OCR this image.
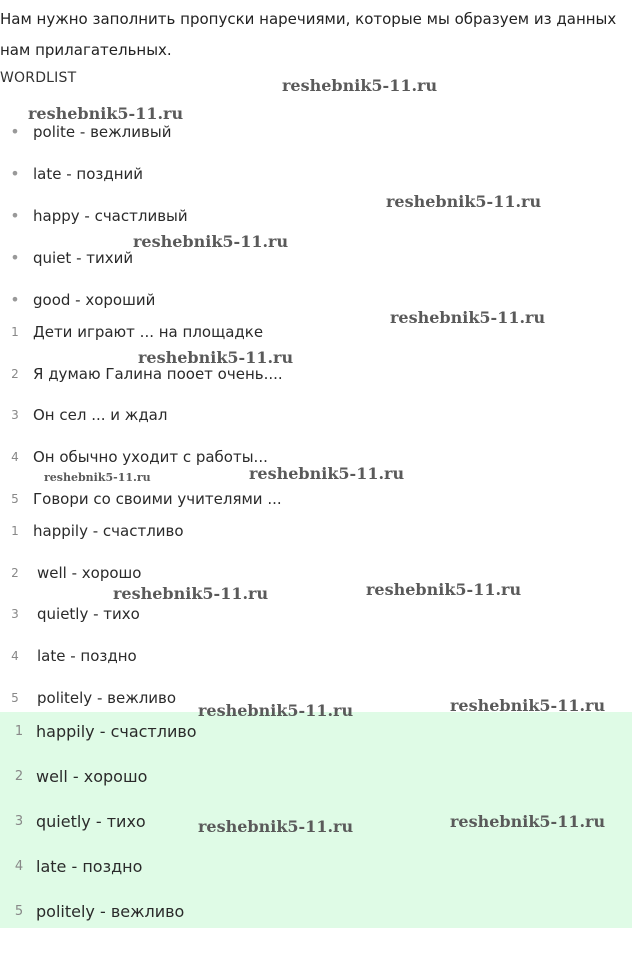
Нам нужно заполнить пропуски наречиями, которые мы образуем из данных нам прилагательных.
WORDLIST
• polite - вежливый
• late - поздний
• happy - счастливый
• quiet - тихий
• good - хороший
1 Дети играют ... на площадке
2 Я думаю Галина пооет очень....
3 Он сел ... и ждал
4 Он обычно уходит с работы...
5 Говори со своими учителями ...
1 happily - счастливо
2	well - хорошо
3	quietly - тихо
4	late - поздно
5	politely - вежливо
1 happily - счастливо
2 well - хорошо
3 quietly - тихо
4 late - поздно
5 politely - вежливо
reshebnik5-11.ru
reshebnik5-11.ru
reshebnik5-11.ru
reshebnik5-11.ru
reshebnik5-11.ru
reshebnik5-11.ru
reshebnik5-11.ru	reshebnik5-11.ru
reshebnik5-11.ru	reshebnik5-11.ru
reshebnik5-11.ru	reshebnik5-11.ru
reshebnik5-11.ru	reshebnik5-11.ru
